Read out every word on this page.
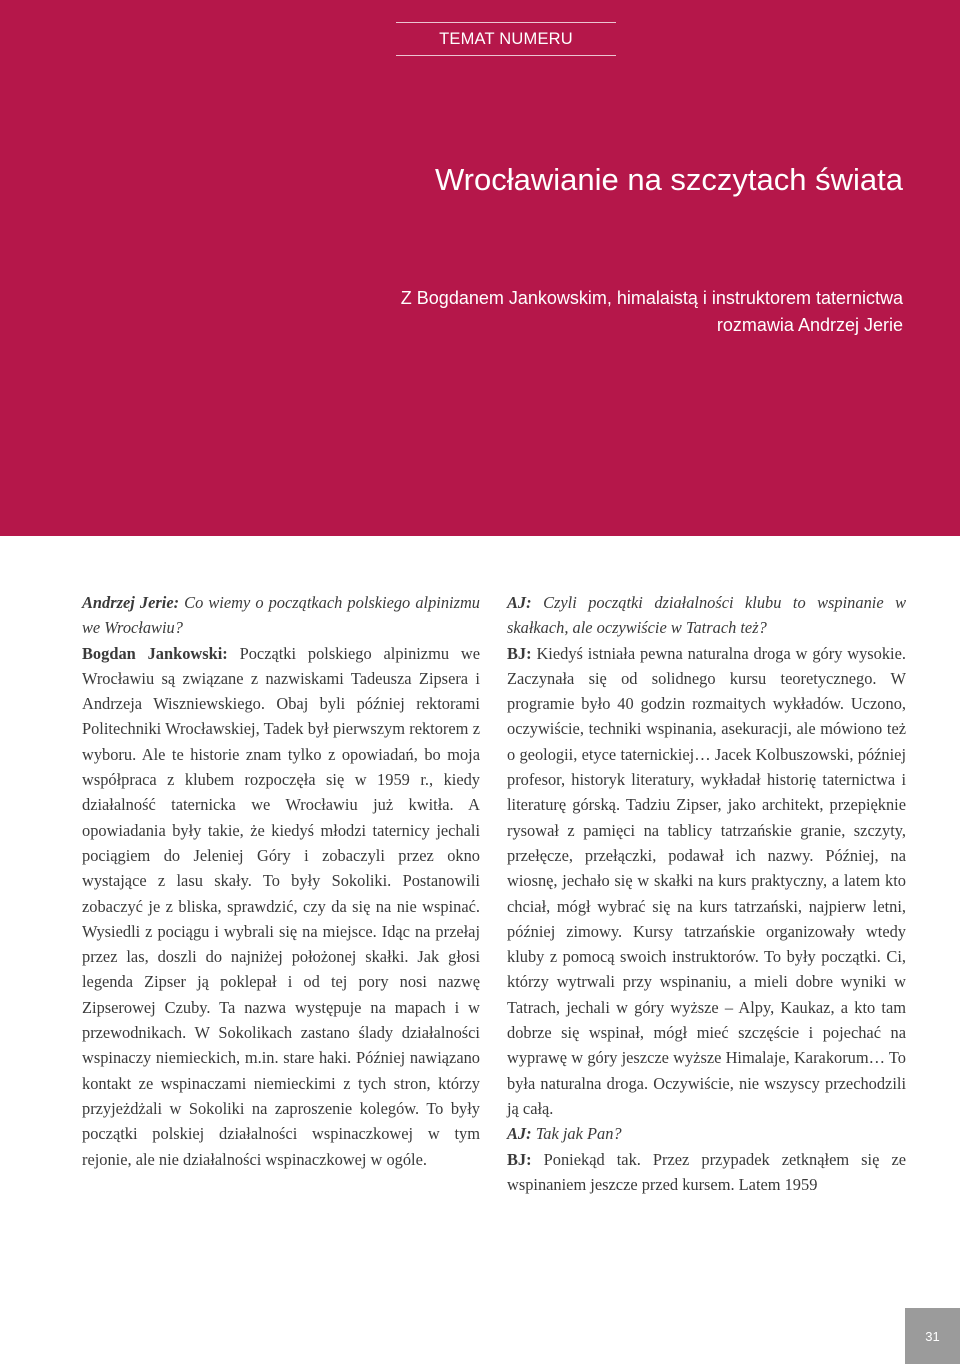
TEMAT NUMERU
Wrocławianie na szczytach świata
Z Bogdanem Jankowskim, himalaistą i instruktorem taternictwa
rozmawia Andrzej Jerie

Andrzej Jerie: Co wiemy o początkach polskiego alpinizmu we Wrocławiu?

Bogdan Jankowski: Początki polskiego alpinizmu we Wrocławiu są związane z nazwiskami Tadeusza Zipsera i Andrzeja Wiszniewskiego. Obaj byli później rektorami Politechniki Wrocławskiej, Tadek był pierwszym rektorem z wyboru. Ale te historie znam tylko z opowiadań, bo moja współpraca z klubem rozpoczęła się w 1959 r., kiedy działalność taternicka we Wrocławiu już kwitła. A opowiadania były takie, że kiedyś młodzi taternicy jechali pociągiem do Jeleniej Góry i zobaczyli przez okno wystające z lasu skały. To były Sokoliki. Postanowili zobaczyć je z bliska, sprawdzić, czy da się na nie wspinać. Wysiedli z pociągu i wybrali się na miejsce. Idąc na przełaj przez las, doszli do najniżej położonej skałki. Jak głosi legenda Zipser ją poklepał i od tej pory nosi nazwę Zipserowej Czuby. Ta nazwa występuje na mapach i w przewodnikach. W Sokolikach zastano ślady działalności wspinaczy niemieckich, m.in. stare haki. Później nawiązano kontakt ze wspinaczami niemieckimi z tych stron, którzy przyjeżdżali w Sokoliki na zaproszenie kolegów. To były początki polskiej działalności wspinaczkowej w tym rejonie, ale nie działalności wspinaczkowej w ogóle.

AJ: Czyli początki działalności klubu to wspinanie w skałkach, ale oczywiście w Tatrach też?

BJ: Kiedyś istniała pewna naturalna droga w góry wysokie. Zaczynała się od solidnego kursu teoretycznego. W programie było 40 godzin rozmaitych wykładów. Uczono, oczywiście, techniki wspinania, asekuracji, ale mówiono też o geologii, etyce taternickiej… Jacek Kolbuszowski, później profesor, historyk literatury, wykładał historię taternictwa i literaturę górską. Tadziu Zipser, jako architekt, przepięknie rysował z pamięci na tablicy tatrzańskie granie, szczyty, przełęcze, przełączki, podawał ich nazwy. Później, na wiosnę, jechało się w skałki na kurs praktyczny, a latem kto chciał, mógł wybrać się na kurs tatrzański, najpierw letni, później zimowy. Kursy tatrzańskie organizowały wtedy kluby z pomocą swoich instruktorów. To były początki. Ci, którzy wytrwali przy wspinaniu, a mieli dobre wyniki w Tatrach, jechali w góry wyższe – Alpy, Kaukaz, a kto tam dobrze się wspinał, mógł mieć szczęście i pojechać na wyprawę w góry jeszcze wyższe Himalaje, Karakorum… To była naturalna droga. Oczywiście, nie wszyscy przechodzili ją całą.

AJ: Tak jak Pan?

BJ: Poniekąd tak. Przez przypadek zetknąłem się ze wspinaniem jeszcze przed kursem. Latem 1959

31
